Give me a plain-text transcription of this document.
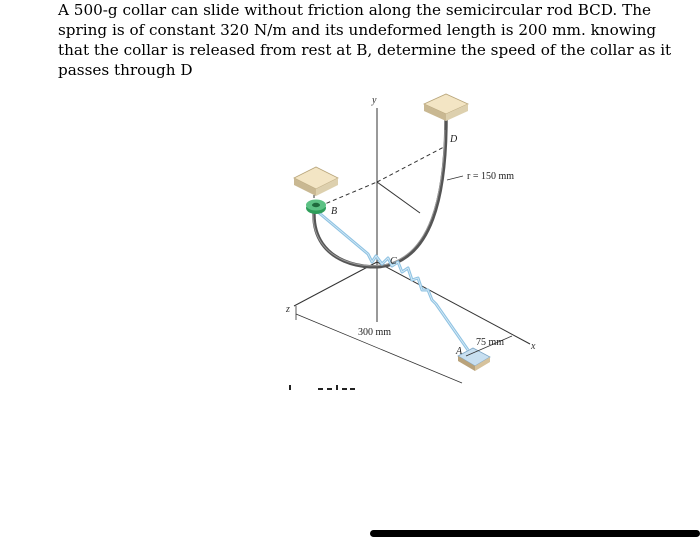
A 500-g collar can slide without friction along the semicircular rod BCD. The
spring is of constant 320 N/m and its undeformed length is 200 mm. knowing
that the collar is released from rest at B, determine the speed of the collar as it
passes through D
y
z
x
D
r = 150 mm
B
C
300 mm
75 mm
A
